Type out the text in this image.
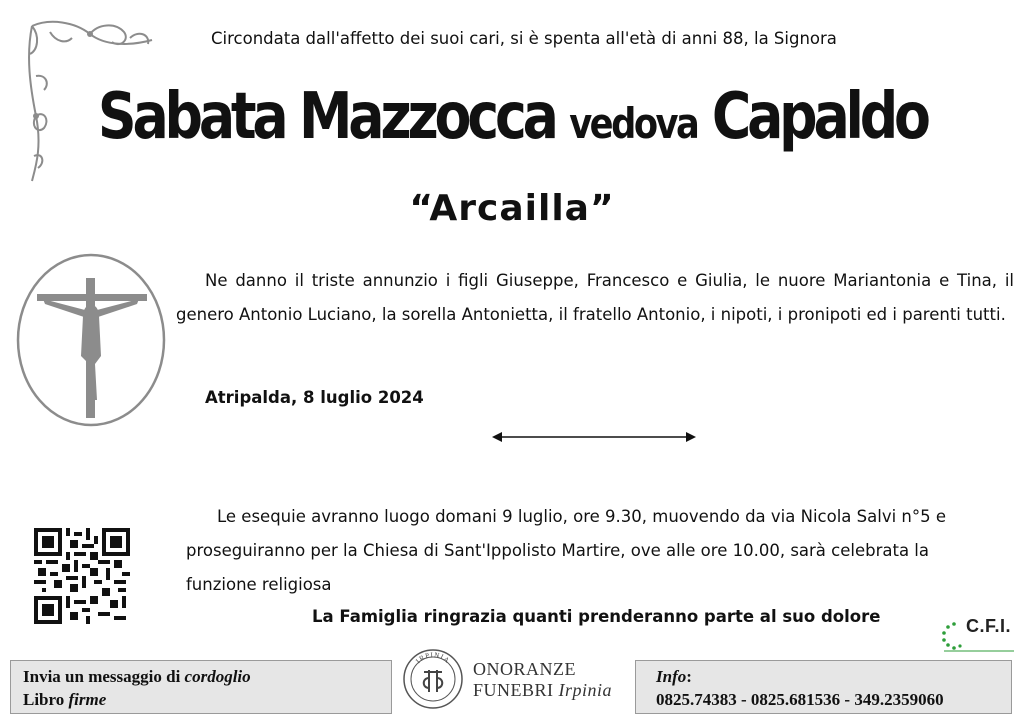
Circondata dall'affetto dei suoi cari, si è spenta all'età di anni 88, la Signora
Sabata Mazzocca vedova Capaldo
“Arcailla”
Ne danno il triste annunzio i figli Giuseppe, Francesco e Giulia, le nuore Mariantonia e Tina, il genero Antonio Luciano, la sorella Antonietta, il fratello Antonio, i nipoti, i pronipoti ed i parenti tutti.
Atripalda, 8 luglio 2024
Le esequie avranno luogo domani 9 luglio, ore 9.30, muovendo da via Nicola Salvi n°5 e
proseguiranno per la Chiesa di Sant'Ippolisto Martire, ove alle ore 10.00, sarà celebrata la
funzione religiosa
La Famiglia ringrazia quanti prenderanno parte al suo dolore	C.F.I.
Invia un messaggio di cordoglio
Libro firme
IRPINIA ONORANZE
FUNEBRI Irpinia
Info:
0825.74383 - 0825.681536 - 349.2359060
